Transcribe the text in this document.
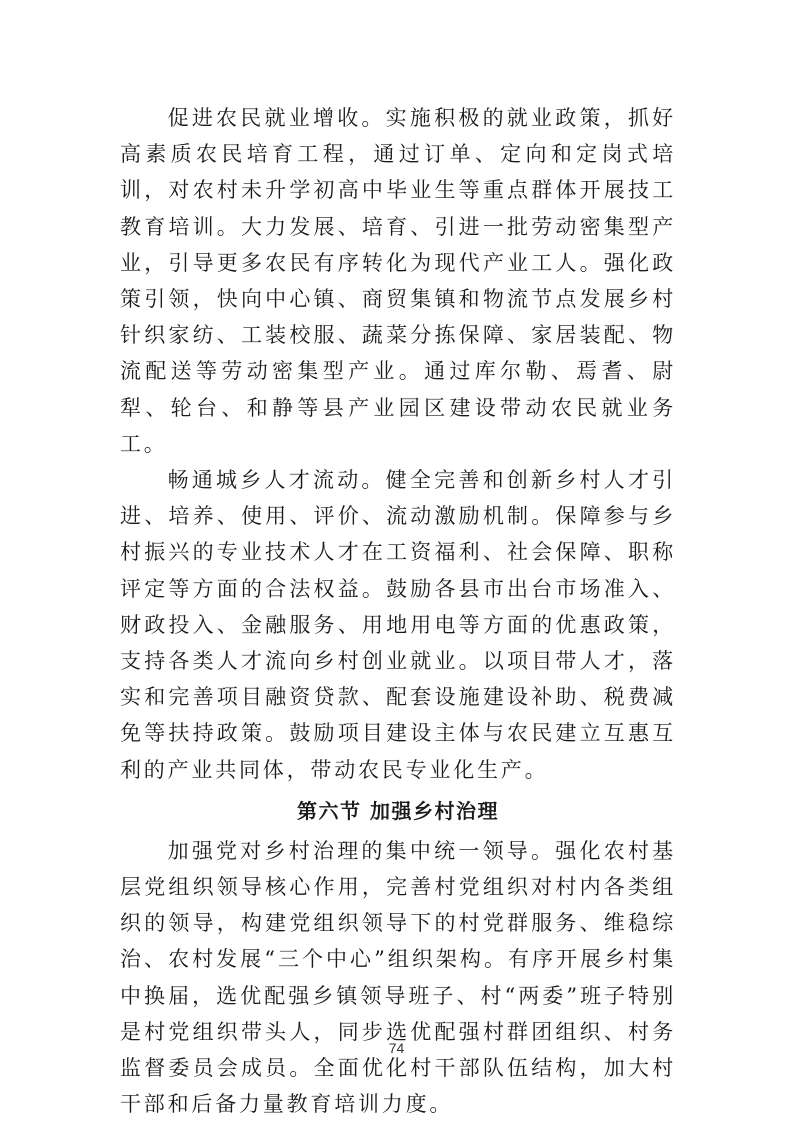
促进农民就业增收。实施积极的就业政策，抓好高素质农民培育工程，通过订单、定向和定岗式培训，对农村未升学初高中毕业生等重点群体开展技工教育培训。大力发展、培育、引进一批劳动密集型产业，引导更多农民有序转化为现代产业工人。强化政策引领，快向中心镇、商贸集镇和物流节点发展乡村针织家纺、工装校服、蔬菜分拣保障、家居装配、物流配送等劳动密集型产业。通过库尔勒、焉耆、尉犁、轮台、和静等县产业园区建设带动农民就业务工。

畅通城乡人才流动。健全完善和创新乡村人才引进、培养、使用、评价、流动激励机制。保障参与乡村振兴的专业技术人才在工资福利、社会保障、职称评定等方面的合法权益。鼓励各县市出台市场准入、财政投入、金融服务、用地用电等方面的优惠政策，支持各类人才流向乡村创业就业。以项目带人才，落实和完善项目融资贷款、配套设施建设补助、税费减免等扶持政策。鼓励项目建设主体与农民建立互惠互利的产业共同体，带动农民专业化生产。

第六节 加强乡村治理

加强党对乡村治理的集中统一领导。强化农村基层党组织领导核心作用，完善村党组织对村内各类组织的领导，构建党组织领导下的村党群服务、维稳综治、农村发展“三个中心”组织架构。有序开展乡村集中换届，选优配强乡镇领导班子、村“两委”班子特别是村党组织带头人，同步选优配强村群团组织、村务监督委员会成员。全面优化村干部队伍结构，加大村干部和后备力量教育培训力度。

74
